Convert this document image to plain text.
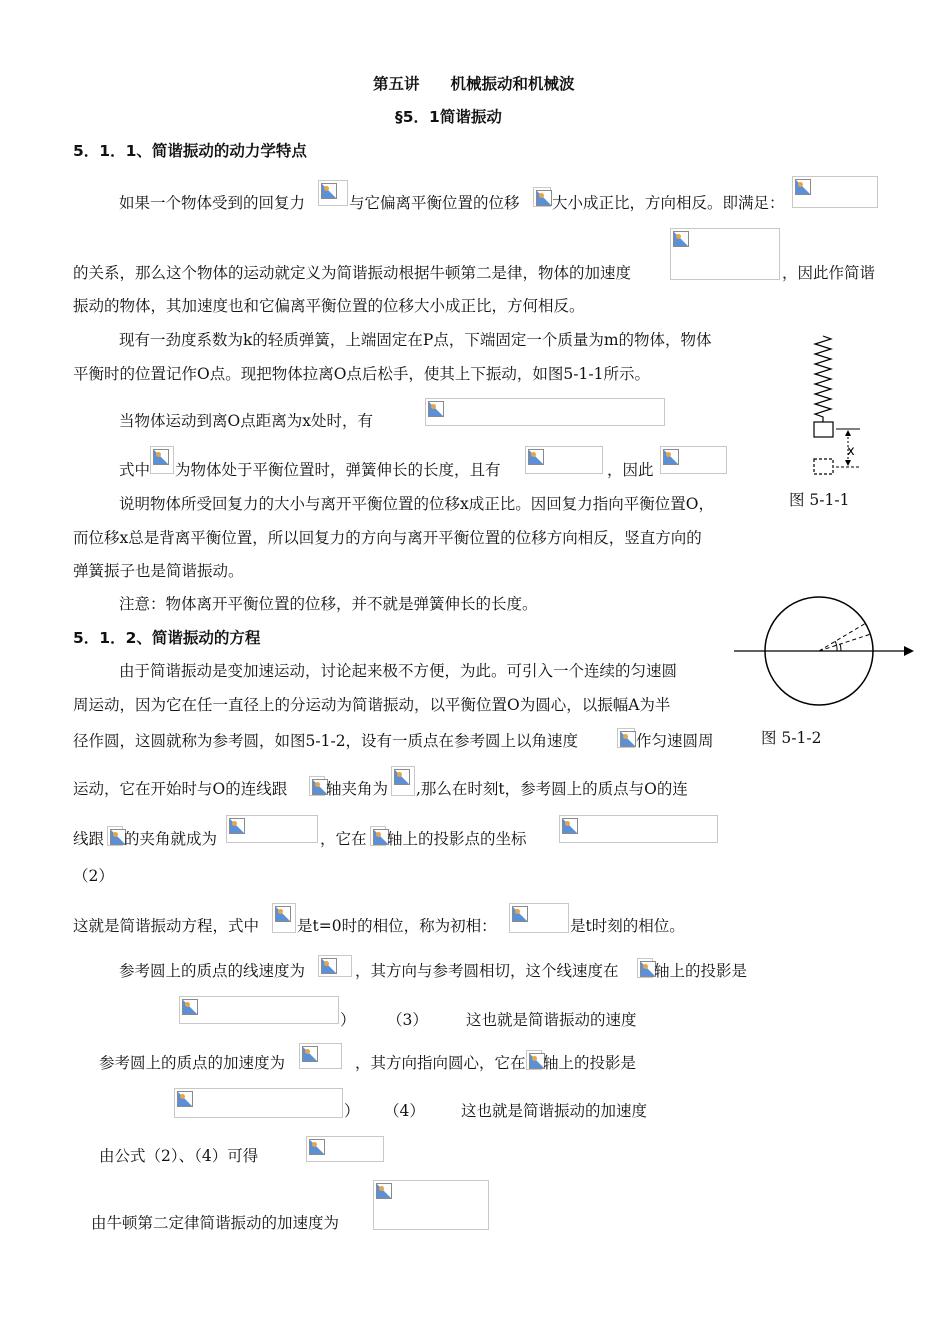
第五讲　　机械振动和机械波
§5．1简谐振动
5．1．1、简谐振动的动力学特点
如果一个物体受到的回复力	与它偏离平衡位置的位移 大小成正比，方向相反。即满足：
的关系，那么这个物体的运动就定义为简谐振动根据牛顿第二是律，物体的加速度	，因此作简谐
振动的物体，其加速度也和它偏离平衡位置的位移大小成正比，方何相反。
现有一劲度系数为k的轻质弹簧，上端固定在P点，下端固定一个质量为m的物体，物体
平衡时的位置记作O点。现把物体拉离O点后松手，使其上下振动，如图5-1-1所示。
当物体运动到离O点距离为x处时，有
式中 为物体处于平衡位置时，弹簧伸长的长度，且有	，因此
说明物体所受回复力的大小与离开平衡位置的位移x成正比。因回复力指向平衡位置O，
而位移x总是背离平衡位置，所以回复力的方向与离开平衡位置的位移方向相反，竖直方向的
弹簧振子也是简谐振动。
注意：物体离开平衡位置的位移，并不就是弹簧伸长的长度。
x
图 5-1-1
5．1．2、简谐振动的方程
由于简谐振动是变加速运动，讨论起来极不方便，为此。可引入一个连续的匀速圆
周运动，因为它在任一直径上的分运动为简谐振动，以平衡位置O为圆心，以振幅A为半
径作圆，这圆就称为参考圆，如图5-1-2，设有一质点在参考圆上以角速度	作匀速圆周	图 5-1-2
运动，它在开始时与O的连线跟	轴夹角为 ,那么在时刻t，参考圆上的质点与O的连
线跟 的夹角就成为	，它在 轴上的投影点的坐标
（2）
这就是简谐振动方程，式中 是t=0时的相位，称为初相：	是t时刻的相位。
参考圆上的质点的线速度为	，其方向与参考圆相切，这个线速度在 轴上的投影是
） （3） 这也就是简谐振动的速度
参考圆上的质点的加速度为	，其方向指向圆心，它在 轴上的投影是
） （4） 这也就是简谐振动的加速度
由公式（2）、（4）可得
由牛顿第二定律简谐振动的加速度为
